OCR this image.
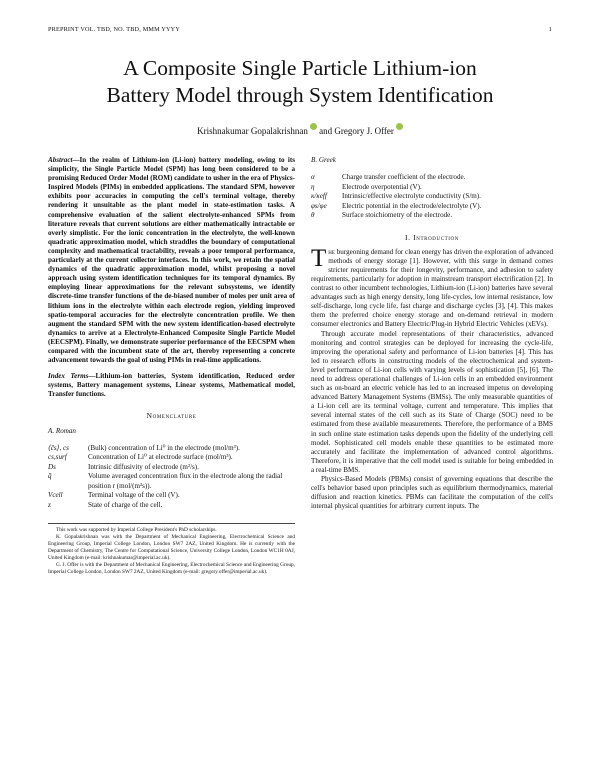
PREPRINT VOL. TBD, NO. TBD, MMM YYYY	1
A Composite Single Particle Lithium-ion
Battery Model through System Identification
Krishnakumar Gopalakrishnan and Gregory J. Offer
Abstract—In the realm of Lithium-ion (Li-ion) battery modeling, owing to its simplicity, the Single Particle Model (SPM) has long been considered to be a promising Reduced Order Model (ROM) candidate to usher in the era of Physics-Inspired Models (PIMs) in embedded applications. The standard SPM, however exhibits poor accuracies in computing the cell's terminal voltage, thereby rendering it unsuitable as the plant model in state-estimation tasks. A comprehensive evaluation of the salient electrolyte-enhanced SPMs from literature reveals that current solutions are either mathematically intractable or overly simplistic. For the ionic concentration in the electrolyte, the well-known quadratic approximation model, which straddles the boundary of computational complexity and mathematical tractability, reveals a poor temporal performance, particularly at the current collector interfaces. In this work, we retain the spatial dynamics of the quadratic approximation model, whilst proposing a novel approach using system identification techniques for its temporal dynamics. By employing linear approximations for the relevant subsystems, we identify discrete-time transfer functions of the de-biased number of moles per unit area of lithium ions in the electrolyte within each electrode region, yielding improved spatio-temporal accuracies for the electrolyte concentration profile. We then augment the standard SPM with the new system identification-based electrolyte dynamics to arrive at a Electrolyte-Enhanced Composite Single Particle Model (EECSPM). Finally, we demonstrate superior performance of the EECSPM when compared with the incumbent state of the art, thereby representing a concrete advancement towards the goal of using PIMs in real-time applications.
Index Terms—Lithium-ion batteries, System identification, Reduced order systems, Battery management systems, Linear systems, Mathematical model, Transfer functions.
Nomenclature
A. Roman
⟨c̄s⟩, cs	(Bulk) concentration of Li⁰ in the electrode (mol/m³).
cs,surf	Concentration of Li⁰ at electrode surface (mol/m³).
Ds	Intrinsic diffusivity of electrode (m²/s).
q̄	Volume averaged concentration flux in the electrode along the radial position r (mol/(m²s)).
Vcell	Terminal voltage of the cell (V).
z	State of charge of the cell.

This work was supported by Imperial College President's PhD scholarships.

K. Gopalakrishnan was with the Department of Mechanical Engineering, Electrochemical Science and Engineering Group, Imperial College London, London SW7 2AZ, United Kingdom. He is currently with the Department of Chemistry, The Centre for Computational Science, University College London, London WC1H 0AJ, United Kingdom (e-mail: krishnakumar@imperial.ac.uk).

G. J. Offer is with the Department of Mechanical Engineering, Electrochemical Science and Engineering Group, Imperial College London, London SW7 2AZ, United Kingdom (e-mail: gregory.offer@imperial.ac.uk).

B. Greek
α	Charge transfer coefficient of the electrode.
η	Electrode overpotential (V).
κ/κeff	Intrinsic/effective electrolyte conductivity (S/m).
φs/φe	Electric potential in the electrode/electrolyte (V).
θ	Surface stoichiometry of the electrode.
I. Introduction

The burgeoning demand for clean energy has driven the exploration of advanced methods of energy storage [1]. However, with this surge in demand comes stricter requirements for their longevity, performance, and adhesion to safety requirements, particularly for adoption in mainstream transport electrification [2]. In contrast to other incumbent technologies, Lithium-ion (Li-ion) batteries have several advantages such as high energy density, long life-cycles, low internal resistance, low self-discharge, long cycle life, fast charge and discharge cycles [3], [4]. This makes them the preferred choice energy storage and on-demand retrieval in modern consumer electronics and Battery Electric/Plug-in Hybrid Electric Vehicles (xEVs).

Through accurate model representations of their characteristics, advanced monitoring and control strategies can be deployed for increasing the cycle-life, improving the operational safety and performance of Li-ion batteries [4]. This has led to research efforts in constructing models of the electrochemical and system-level performance of Li-ion cells with varying levels of sophistication [5], [6]. The need to address operational challenges of Li-ion cells in an embedded environment such as on-board an electric vehicle has led to an increased impetus on developing advanced Battery Management Systems (BMSs). The only measurable quantities of a Li-ion cell are its terminal voltage, current and temperature. This implies that several internal states of the cell such as its State of Charge (SOC) need to be estimated from these available measurements. Therefore, the performance of a BMS in such online state estimation tasks depends upon the fidelity of the underlying cell model. Sophisticated cell models enable these quantities to be estimated more accurately and facilitate the implementation of advanced control algorithms. Therefore, it is imperative that the cell model used is suitable for being embedded in a real-time BMS.

Physics-Based Models (PBMs) consist of governing equations that describe the cell's behavior based upon principles such as equilibrium thermodynamics, material diffusion and reaction kinetics. PBMs can facilitate the computation of the cell's internal physical quantities for arbitrary current inputs. The
